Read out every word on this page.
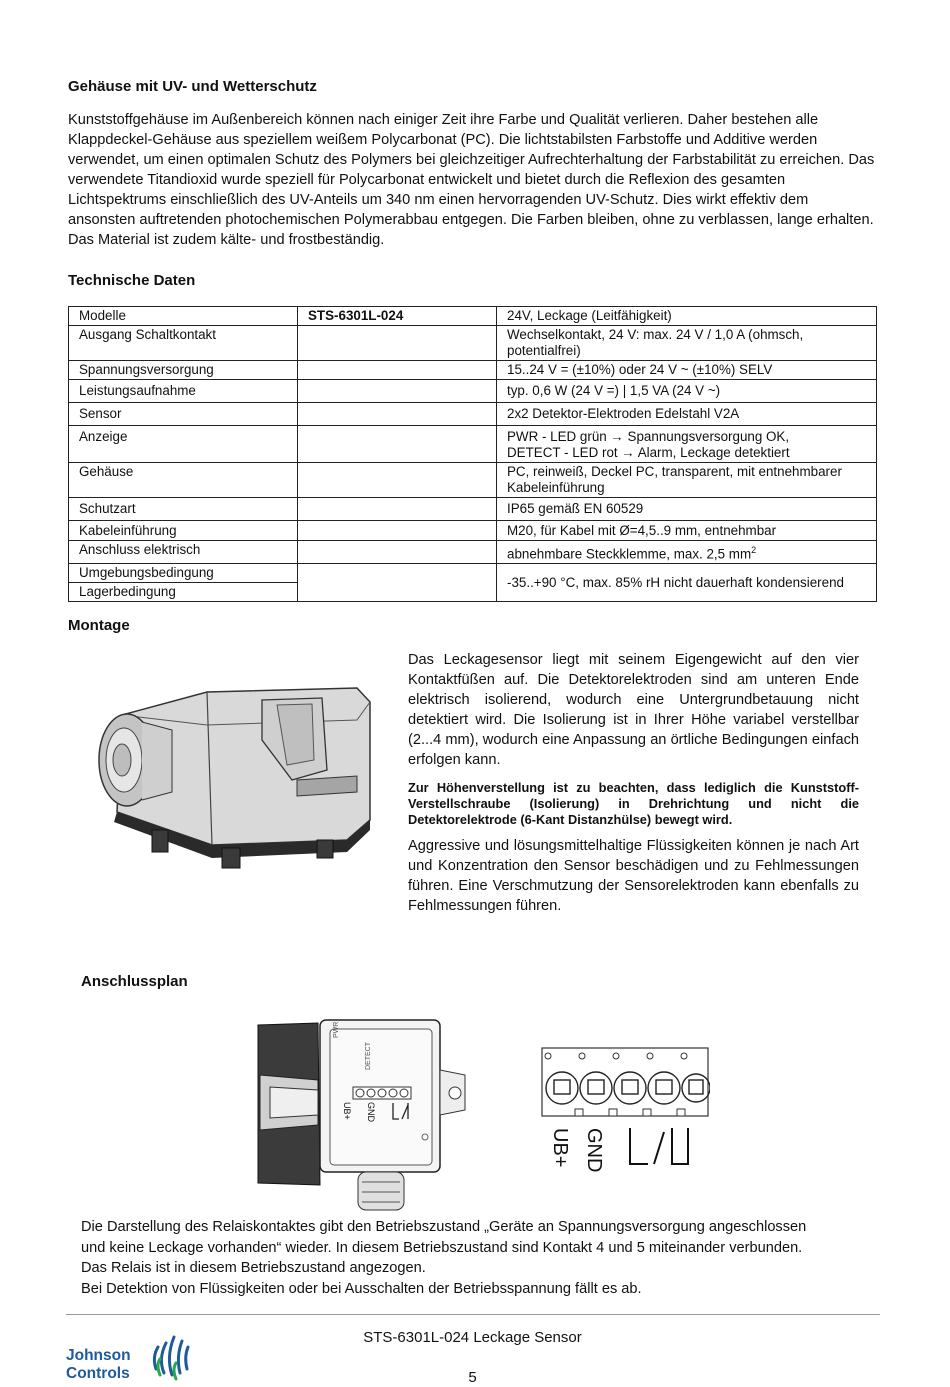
Gehäuse mit UV- und Wetterschutz
Kunststoffgehäuse im Außenbereich können nach einiger Zeit ihre Farbe und Qualität verlieren. Daher bestehen alle Klappdeckel-Gehäuse aus speziellem weißem Polycarbonat (PC). Die lichtstabilsten Farbstoffe und Additive werden verwendet, um einen optimalen Schutz des Polymers bei gleichzeitiger Aufrechterhaltung der Farbstabilität zu erreichen. Das verwendete Titandioxid wurde speziell für Polycarbonat entwickelt und bietet durch die Reflexion des gesamten Lichtspektrums einschließlich des UV-Anteils um 340 nm einen hervorragenden UV-Schutz. Dies wirkt effektiv dem ansonsten auftretenden photochemischen Polymerabbau entgegen. Die Farben bleiben, ohne zu verblassen, lange erhalten. Das Material ist zudem kälte- und frostbeständig.
Technische Daten
Modelle	STS-6301L-024	24V, Leckage (Leitfähigkeit)
Ausgang Schaltkontakt		Wechselkontakt, 24 V: max. 24 V / 1,0 A (ohmsch, potentialfrei)
Spannungsversorgung		15..24 V = (±10%) oder 24 V ~ (±10%) SELV
Leistungsaufnahme		typ. 0,6 W (24 V =) | 1,5 VA (24 V ~)
Sensor		2x2 Detektor-Elektroden Edelstahl V2A
Anzeige		PWR - LED grün → Spannungsversorgung OK,
DETECT - LED rot → Alarm, Leckage detektiert

Gehäuse		PC, reinweiß, Deckel PC, transparent, mit entnehmbarer Kabeleinführung
Schutzart		IP65 gemäß EN 60529
Kabeleinführung		M20, für Kabel mit Ø=4,5..9 mm, entnehmbar
Anschluss elektrisch		abnehmbare Steckklemme, max. 2,5 $mm^2$
Umgebungsbedingung		-35..+90 °C, max. 85% rH nicht dauerhaft kondensierend
Lagerbedingung		
Montage

Das Leckagesensor liegt mit seinem Eigengewicht auf den vier Kontaktfüßen auf. Die Detektorelektroden sind am unteren Ende elektrisch isolierend, wodurch eine Untergrundbetauung nicht detektiert wird. Die Isolierung ist in Ihrer Höhe variabel verstellbar (2...4 mm), wodurch eine Anpassung an örtliche Bedingungen einfach erfolgen kann.

Zur Höhenverstellung ist zu beachten, dass lediglich die Kunststoff-Verstellschraube (Isolierung) in Drehrichtung und nicht die Detektorelektrode (6-Kant Distanzhülse) bewegt wird.

Aggressive und lösungsmittelhaltige Flüssigkeiten können je nach Art und Konzentration den Sensor beschädigen und zu Fehlmessungen führen. Eine Verschmutzung der Sensorelektroden kann ebenfalls zu Fehlmessungen führen.

Anschlussplan
PWR
DETECT
UB+ GND
UB+ GND
Die Darstellung des Relaiskontaktes gibt den Betriebszustand „Geräte an Spannungsversorgung angeschlossen
und keine Leckage vorhanden“ wieder. In diesem Betriebszustand sind Kontakt 4 und 5 miteinander verbunden.
Das Relais ist in diesem Betriebszustand angezogen.
Bei Detektion von Flüssigkeiten oder bei Ausschalten der Betriebsspannung fällt es ab.
STS-6301L-024 Leckage Sensor
5
Johnson
Controls
